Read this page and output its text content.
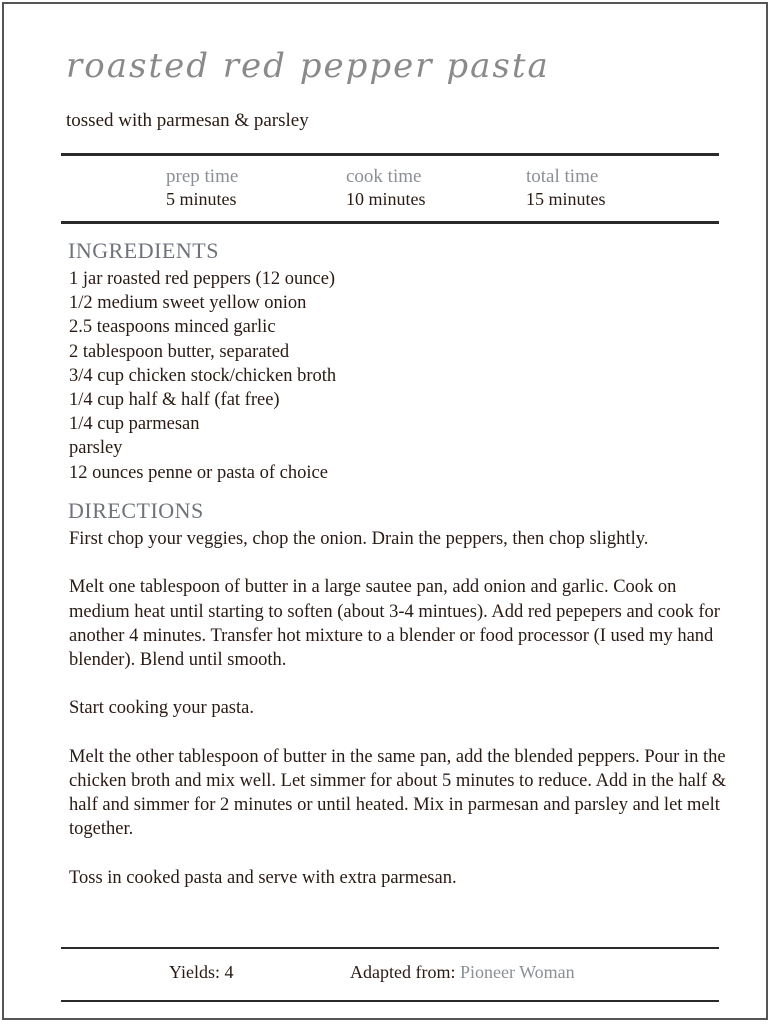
roasted red pepper pasta

tossed with parmesan & parsley

prep time
5 minutes
cook time
10 minutes
total time
15 minutes
INGREDIENTS
1 jar roasted red peppers (12 ounce)
1/2 medium sweet yellow onion
2.5 teaspoons minced garlic
2 tablespoon butter, separated
3/4 cup chicken stock/chicken broth
1/4 cup half & half (fat free)
1/4 cup parmesan
parsley
12 ounces penne or pasta of choice
DIRECTIONS

First chop your veggies, chop the onion. Drain the peppers, then chop slightly.

Melt one tablespoon of butter in a large sautee pan, add onion and garlic. Cook on medium heat until starting to soften (about 3-4 mintues). Add red pepepers and cook for another 4 minutes. Transfer hot mixture to a blender or food processor (I used my hand blender). Blend until smooth.

Start cooking your pasta.

Melt the other tablespoon of butter in the same pan, add the blended peppers. Pour in the chicken broth and mix well. Let simmer for about 5 minutes to reduce. Add in the half & half and simmer for 2 minutes or until heated. Mix in parmesan and parsley and let melt together.

Toss in cooked pasta and serve with extra parmesan.

Yields: 4	Adapted from: Pioneer Woman
